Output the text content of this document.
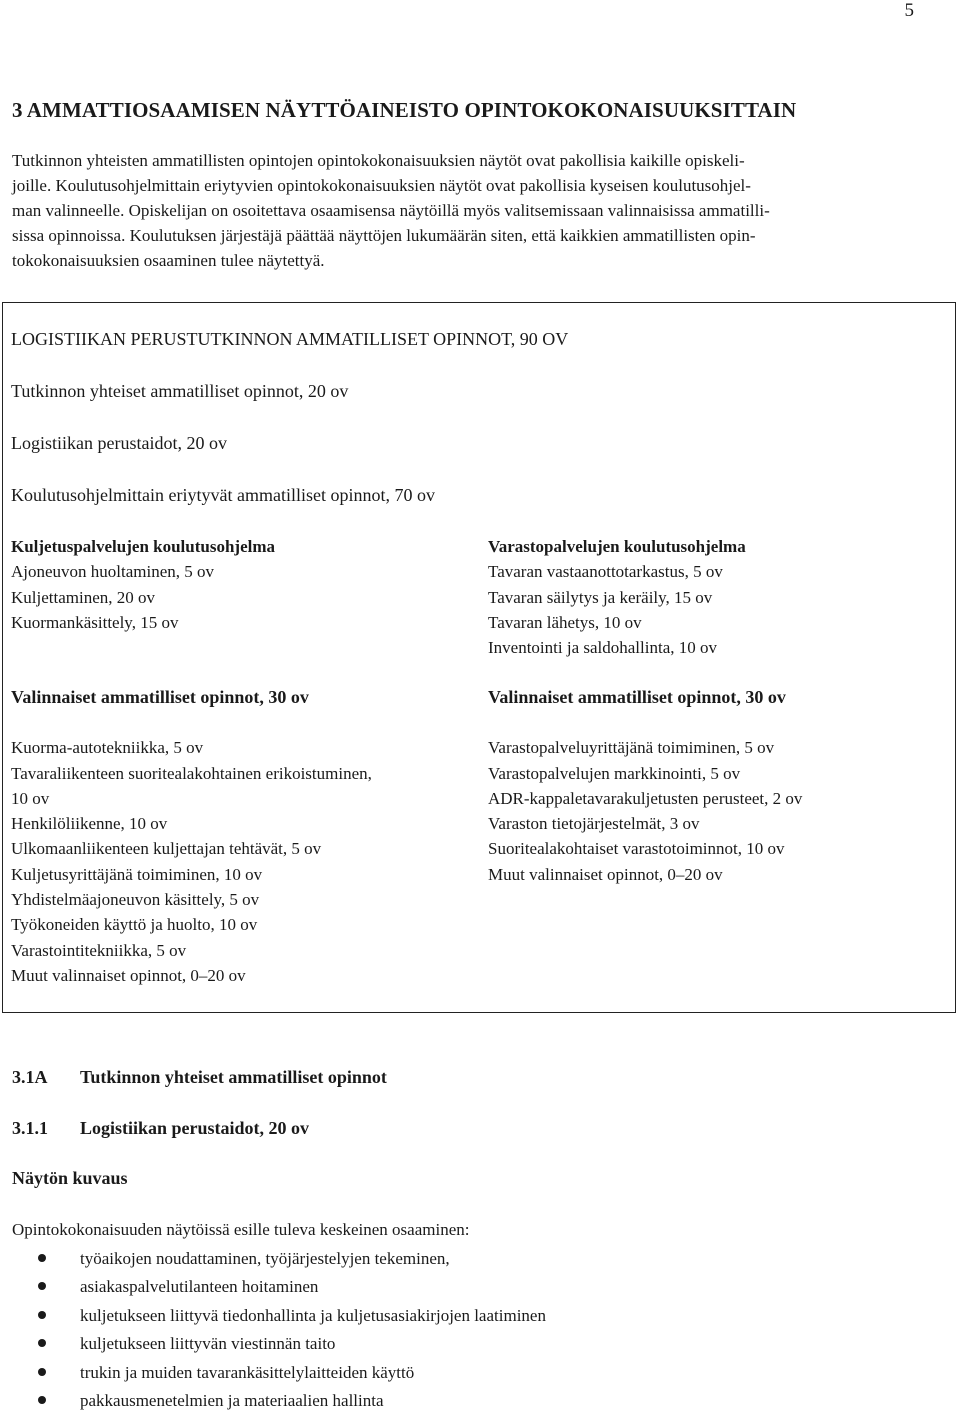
5
3 AMMATTIOSAAMISEN NÄYTTÖAINEISTO OPINTOKOKONAISUUKSITTAIN

Tutkinnon yhteisten ammatillisten opintojen opintokokonaisuuksien näytöt ovat pakollisia kaikille opiskeli-
joille. Koulutusohjelmittain eriytyvien opintokokonaisuuksien näytöt ovat pakollisia kyseisen koulutusohjel-
man valinneelle. Opiskelijan on osoitettava osaamisensa näytöillä myös valitsemissaan valinnaisissa ammatilli-
sissa opinnoissa. Koulutuksen järjestäjä päättää näyttöjen lukumäärän siten, että kaikkien ammatillisten opin-
tokokonaisuuksien osaaminen tulee näytettyä.

LOGISTIIKAN PERUSTUTKINNON AMMATILLISET OPINNOT, 90 OV
Tutkinnon yhteiset ammatilliset opinnot, 20 ov
Logistiikan perustaidot, 20 ov
Koulutusohjelmittain eriytyvät ammatilliset opinnot, 70 ov
Kuljetuspalvelujen koulutusohjelma
Ajoneuvon huoltaminen, 5 ov
Kuljettaminen, 20 ov
Kuormankäsittely, 15 ov
Valinnaiset ammatilliset opinnot, 30 ov
Kuorma-autotekniikka, 5 ov
Tavaraliikenteen suoritealakohtainen erikoistuminen,
10 ov
Henkilöliikenne, 10 ov
Ulkomaanliikenteen kuljettajan tehtävät, 5 ov
Kuljetusyrittäjänä toimiminen, 10 ov
Yhdistelmäajoneuvon käsittely, 5 ov
Työkoneiden käyttö ja huolto, 10 ov
Varastointitekniikka, 5 ov
Muut valinnaiset opinnot, 0–20 ov
Varastopalvelujen koulutusohjelma
Tavaran vastaanottotarkastus, 5 ov
Tavaran säilytys ja keräily, 15 ov
Tavaran lähetys, 10 ov
Inventointi ja saldohallinta, 10 ov
Valinnaiset ammatilliset opinnot, 30 ov
Varastopalveluyrittäjänä toimiminen, 5 ov
Varastopalvelujen markkinointi, 5 ov
ADR-kappaletavarakuljetusten perusteet, 2 ov
Varaston tietojärjestelmät, 3 ov
Suoritealakohtaiset varastotoiminnot, 10 ov
Muut valinnaiset opinnot, 0–20 ov
3.1A Tutkinnon yhteiset ammatilliset opinnot
3.1.1 Logistiikan perustaidot, 20 ov
Näytön kuvaus

Opintokokonaisuuden näytöissä esille tuleva keskeinen osaaminen:

työaikojen noudattaminen, työjärjestelyjen tekeminen,
asiakaspalvelutilanteen hoitaminen
kuljetukseen liittyvä tiedonhallinta ja kuljetusasiakirjojen laatiminen
kuljetukseen liittyvän viestinnän taito
trukin ja muiden tavarankäsittelylaitteiden käyttö
pakkausmenetelmien ja materiaalien hallinta
